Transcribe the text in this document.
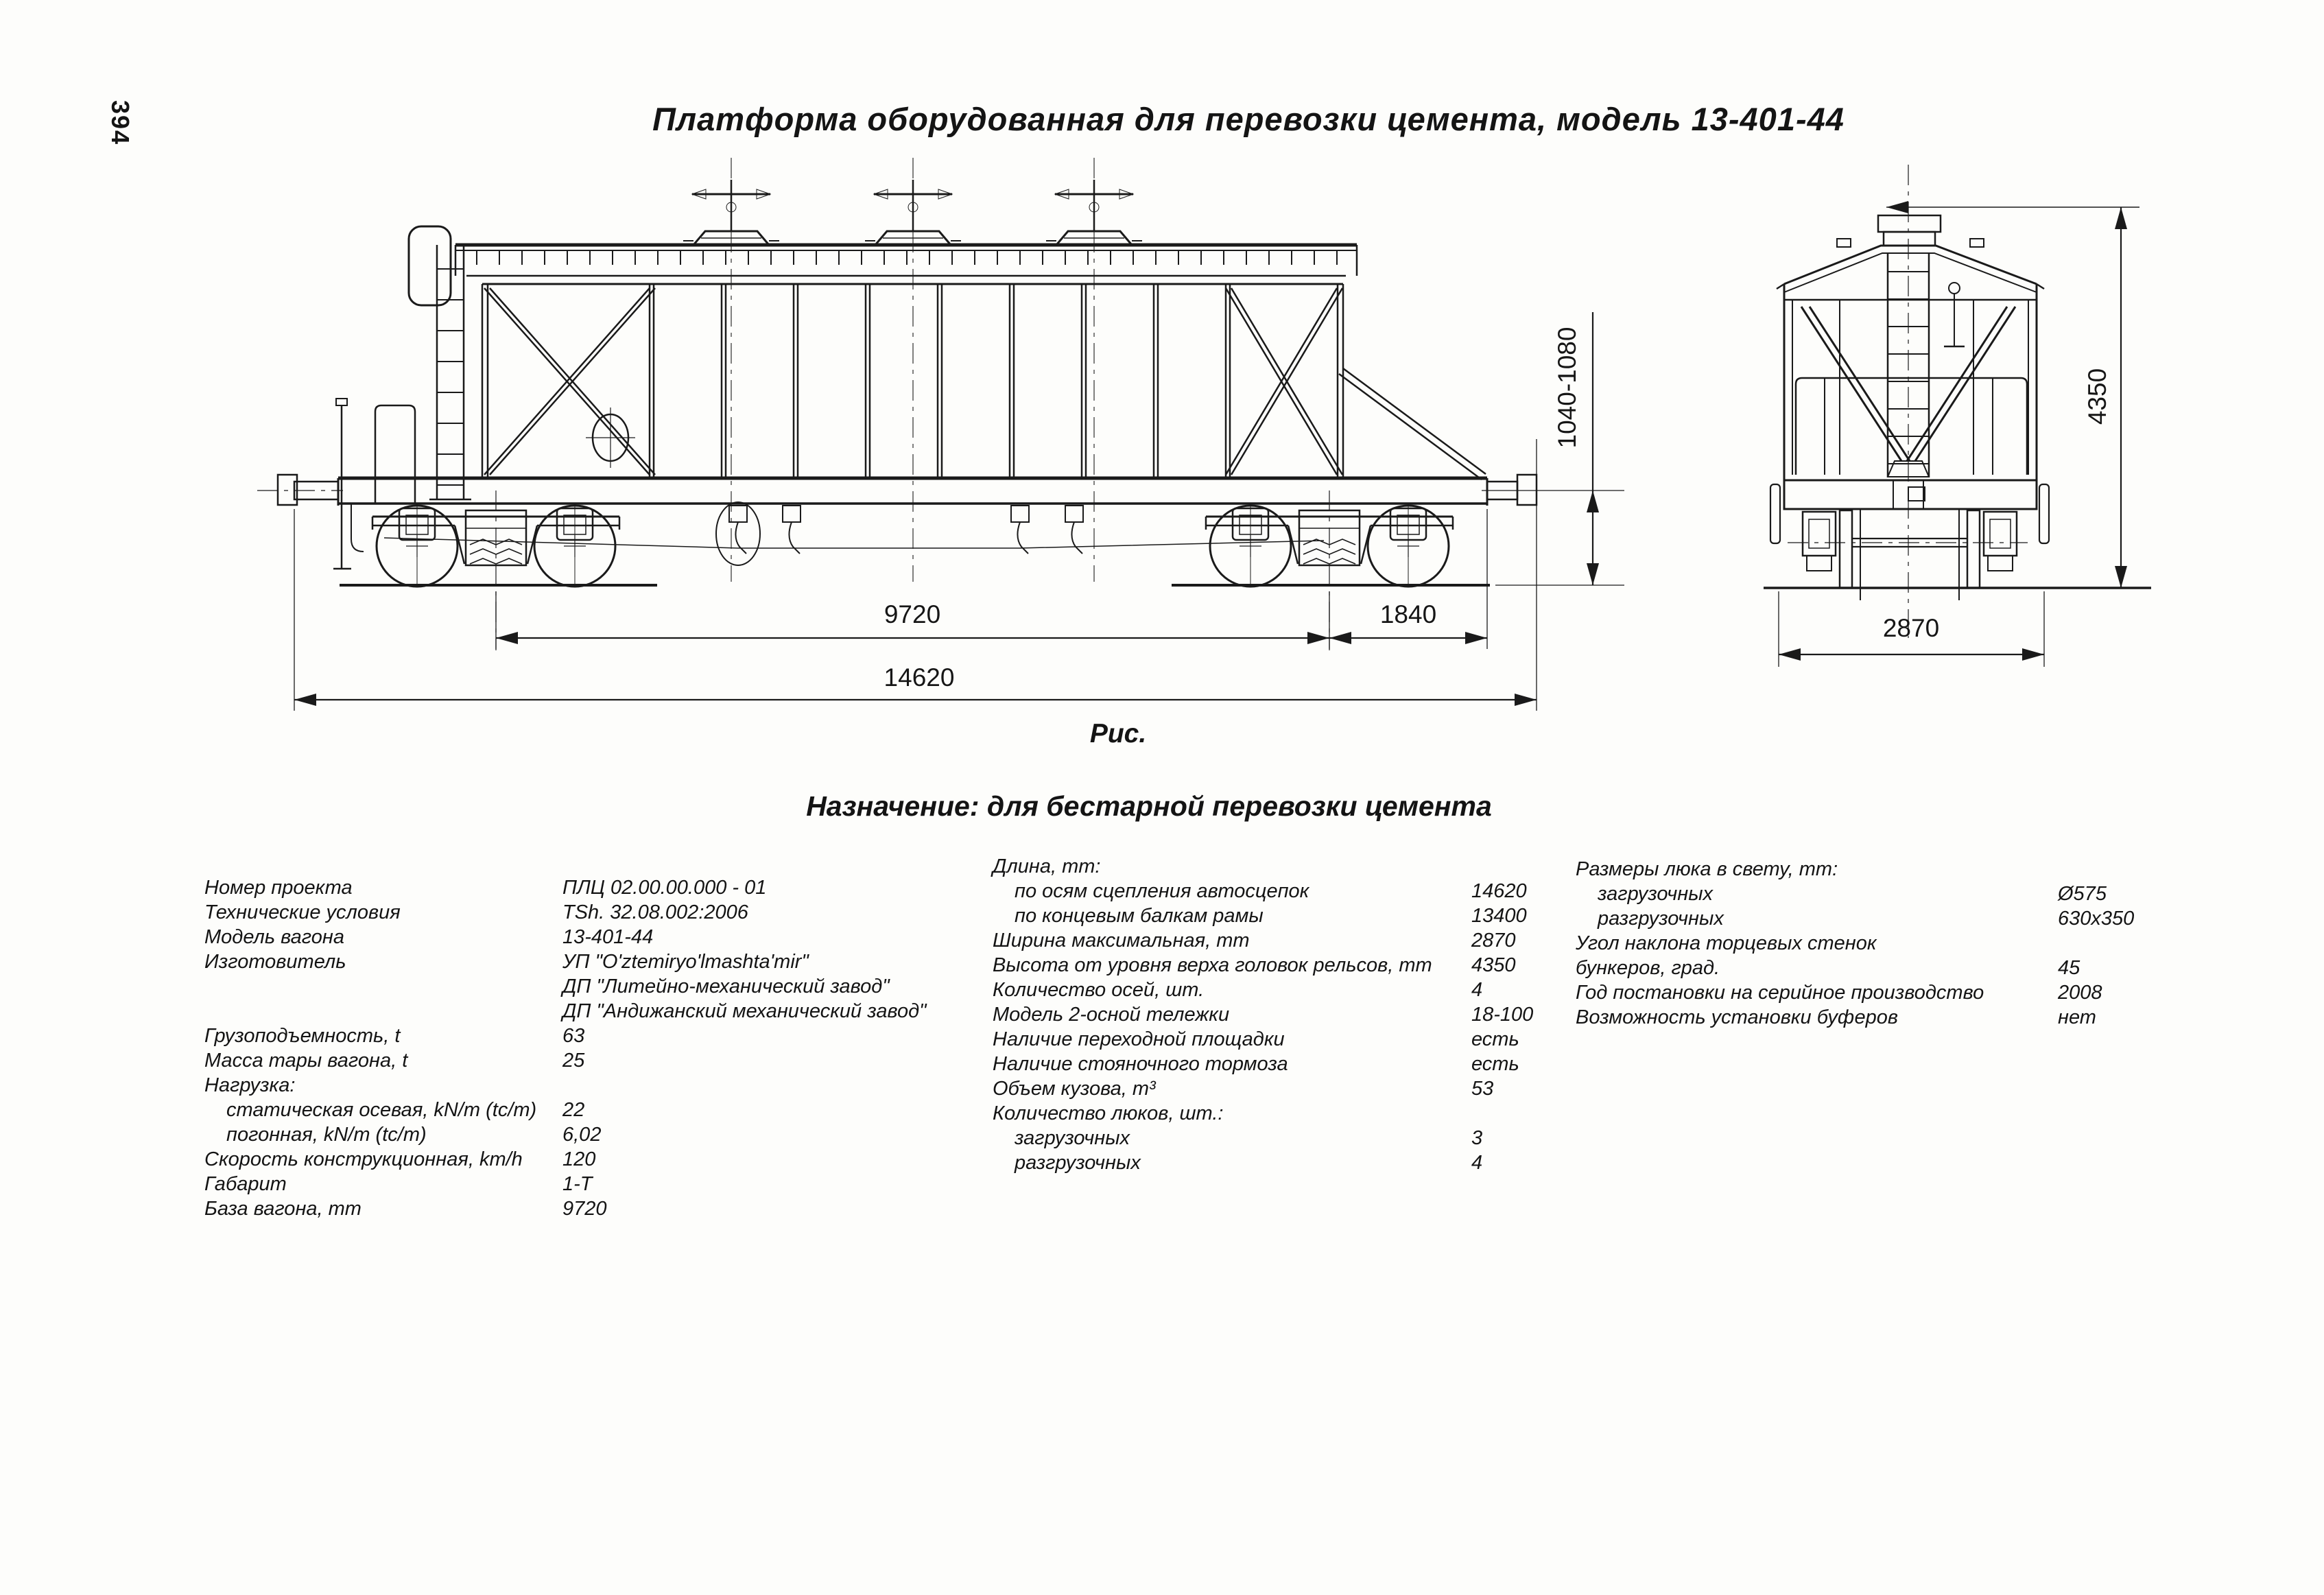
394	Платформа оборудованная для перевозки цемента, модель 13-401-44
9720	1840
14620
1040-1080	4350
2870
Рис.
Назначение: для бестарной перевозки цемента
Номер проекта	ПЛЦ 02.00.00.000 - 01
Технические условия	TSh. 32.08.002:2006
Модель вагона	13-401-44
Изготовитель	УП "O'ztemiryo'lmashta'mir"
ДП "Литейно-механический завод"
ДП "Андижанский механический завод"
Грузоподъемность, t	63
Масса тары вагона, t	25
Нагрузка:
статическая осевая, kN/m (tc/m) 22
погонная, kN/m (tc/m)	6,02
Скорость конструкционная, km/h 120
Габарит	1-Т
База вагона, mm	9720
Длина, mm:
по осям сцепления автосцепок	14620
по концевым балкам рамы	13400
Ширина максимальная, mm	2870
Высота от уровня верха головок рельсов, mm 4350
Количество осей, шт.	4
Модель 2-осной тележки	18-100
Наличие переходной площадки	есть
Наличие стояночного тормоза	есть
Объем кузова, m³	53
Количество люков, шт.:
загрузочных	3
разгрузочных	4
Размеры люка в свету, mm:
загрузочных	Ø575
разгрузочных	630x350
Угол наклона торцевых стенок
бункеров, град.	45
Год постановки на серийное производство	2008
Возможность установки буферов	нет
